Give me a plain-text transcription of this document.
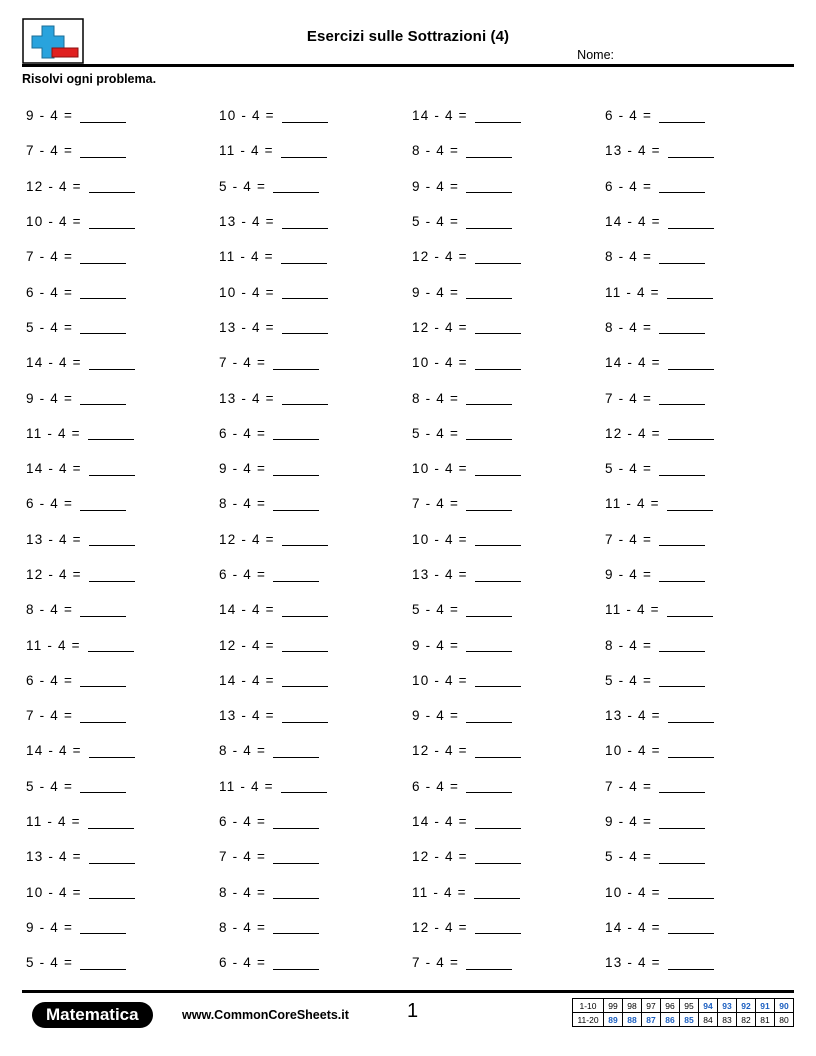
Esercizi sulle Sottrazioni (4)
Nome:
Risolvi ogni problema.
9 - 4 =	10 - 4 =	14 - 4 =	6 - 4 =
7 - 4 =	11 - 4 =	8 - 4 =	13 - 4 =
12 - 4 =	5 - 4 =	9 - 4 =	6 - 4 =
10 - 4 =	13 - 4 =	5 - 4 =	14 - 4 =
7 - 4 =	11 - 4 =	12 - 4 =	8 - 4 =
6 - 4 =	10 - 4 =	9 - 4 =	11 - 4 =
5 - 4 =	13 - 4 =	12 - 4 =	8 - 4 =
14 - 4 =	7 - 4 =	10 - 4 =	14 - 4 =
9 - 4 =	13 - 4 =	8 - 4 =	7 - 4 =
11 - 4 =	6 - 4 =	5 - 4 =	12 - 4 =
14 - 4 =	9 - 4 =	10 - 4 =	5 - 4 =
6 - 4 =	8 - 4 =	7 - 4 =	11 - 4 =
13 - 4 =	12 - 4 =	10 - 4 =	7 - 4 =
12 - 4 =	6 - 4 =	13 - 4 =	9 - 4 =
8 - 4 =	14 - 4 =	5 - 4 =	11 - 4 =
11 - 4 =	12 - 4 =	9 - 4 =	8 - 4 =
6 - 4 =	14 - 4 =	10 - 4 =	5 - 4 =
7 - 4 =	13 - 4 =	9 - 4 =	13 - 4 =
14 - 4 =	8 - 4 =	12 - 4 =	10 - 4 =
5 - 4 =	11 - 4 =	6 - 4 =	7 - 4 =
11 - 4 =	6 - 4 =	14 - 4 =	9 - 4 =
13 - 4 =	7 - 4 =	12 - 4 =	5 - 4 =
10 - 4 =	8 - 4 =	11 - 4 =	10 - 4 =
9 - 4 =	8 - 4 =	12 - 4 =	14 - 4 =
5 - 4 =	6 - 4 =	7 - 4 =	13 - 4 =
Matematica	www.CommonCoreSheets.it	1	1-10	99	98	97	96	95	94	93	92	91	90
11-20	89	88	87	86	85	84	83	82	81	80
